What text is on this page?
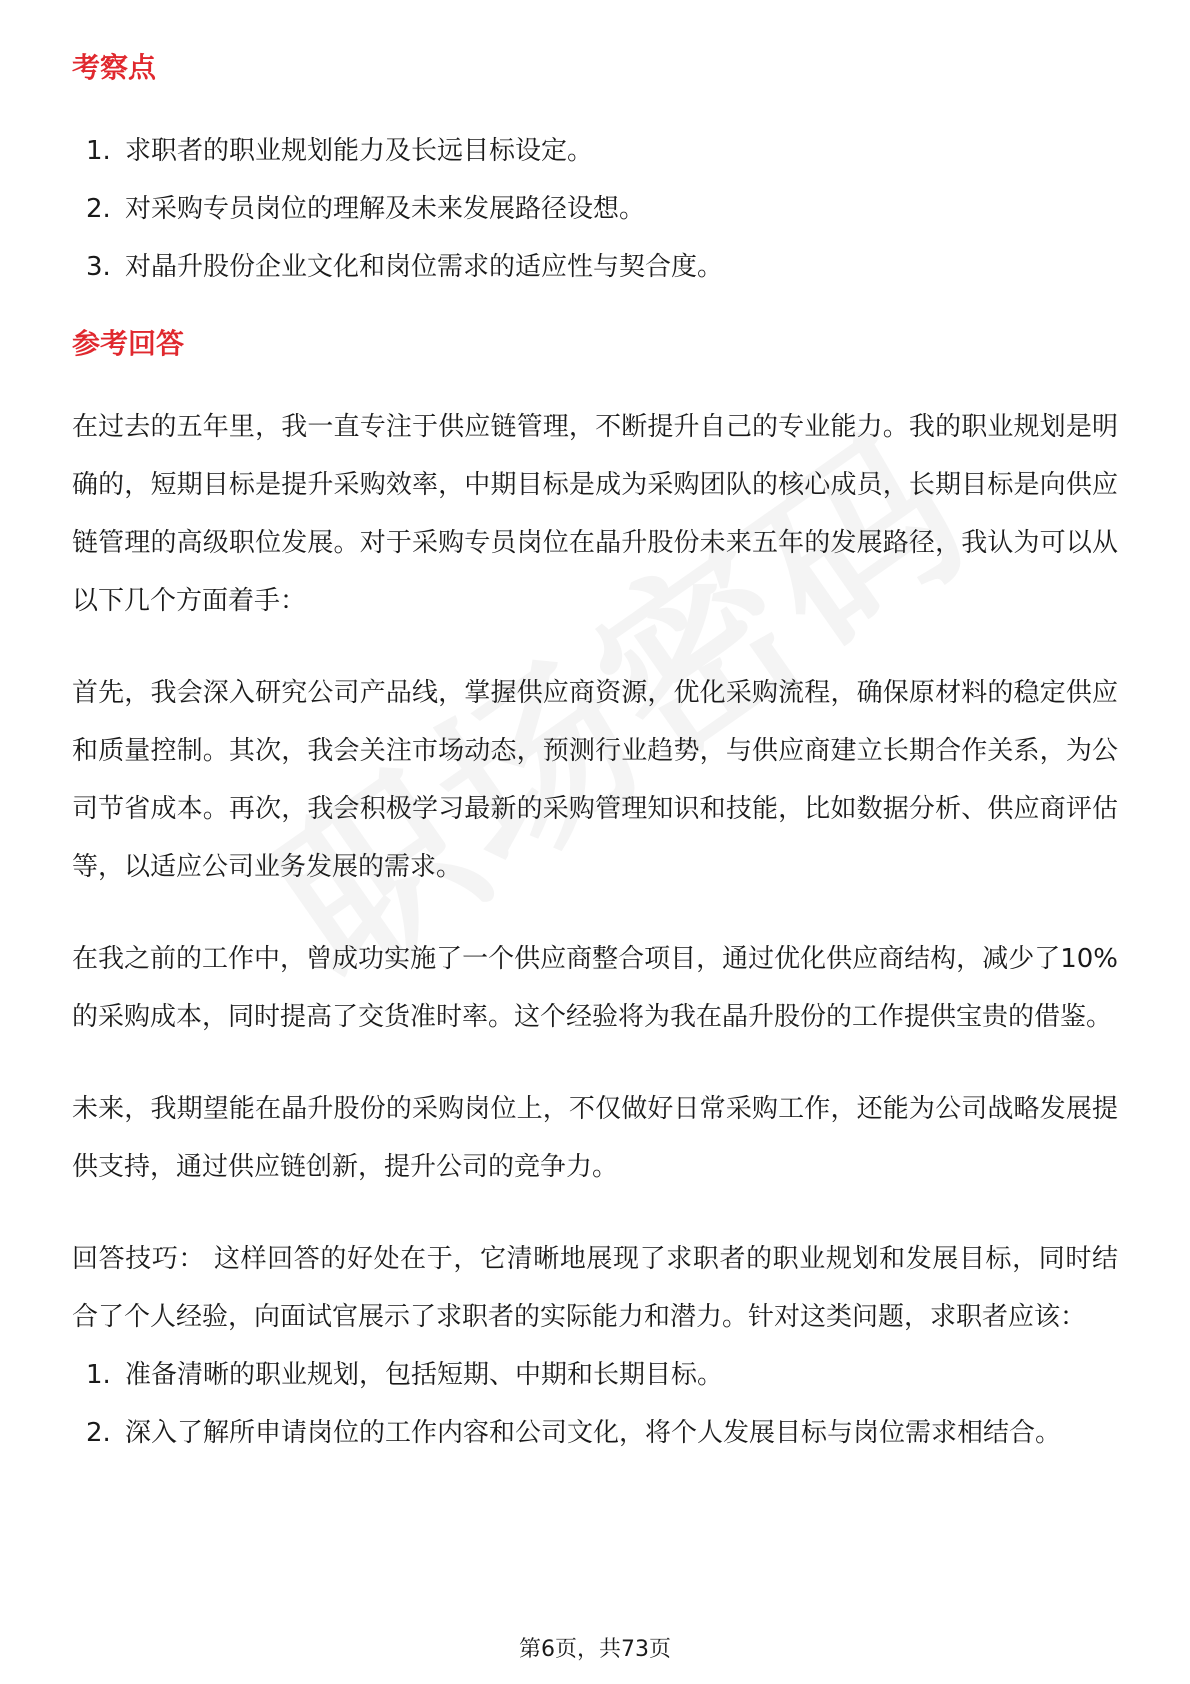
考察点
1. 求职者的职业规划能力及长远目标设定。
2. 对采购专员岗位的理解及未来发展路径设想。
3. 对晶升股份企业文化和岗位需求的适应性与契合度。
参考回答

在过去的五年里，我一直专注于供应链管理，不断提升自己的专业能力。我的职业规划是明确的，短期目标是提升采购效率，中期目标是成为采购团队的核心成员，长期目标是向供应链管理的高级职位发展。对于采购专员岗位在晶升股份未来五年的发展路径，我认为可以从以下几个方面着手：

首先，我会深入研究公司产品线，掌握供应商资源，优化采购流程，确保原材料的稳定供应和质量控制。其次，我会关注市场动态，预测行业趋势，与供应商建立长期合作关系，为公司节省成本。再次，我会积极学习最新的采购管理知识和技能，比如数据分析、供应商评估等，以适应公司业务发展的需求。

在我之前的工作中，曾成功实施了一个供应商整合项目，通过优化供应商结构，减少了10%的采购成本，同时提高了交货准时率。这个经验将为我在晶升股份的工作提供宝贵的借鉴。

未来，我期望能在晶升股份的采购岗位上，不仅做好日常采购工作，还能为公司战略发展提供支持，通过供应链创新，提升公司的竞争力。

回答技巧： 这样回答的好处在于，它清晰地展现了求职者的职业规划和发展目标，同时结合了个人经验，向面试官展示了求职者的实际能力和潜力。针对这类问题，求职者应该：

1. 准备清晰的职业规划，包括短期、中期和长期目标。
2. 深入了解所申请岗位的工作内容和公司文化，将个人发展目标与岗位需求相结合。
第6页，共73页
